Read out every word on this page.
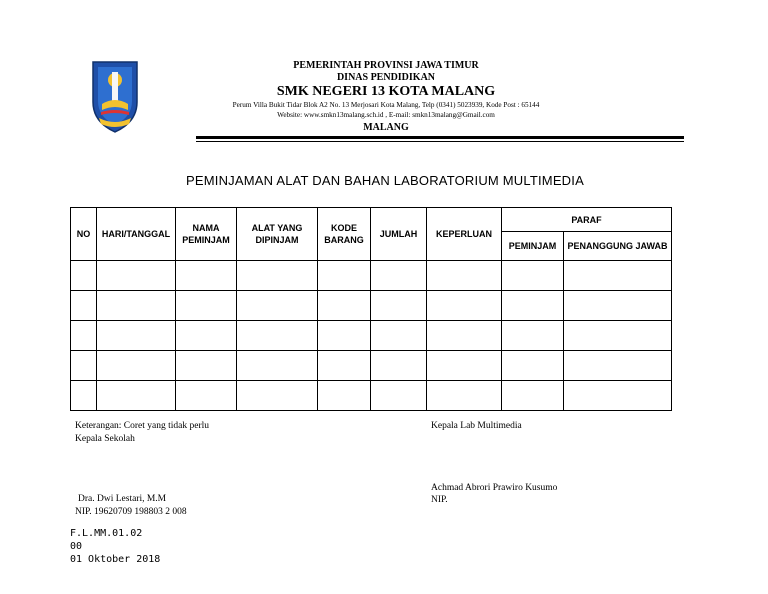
PEMERINTAH PROVINSI JAWA TIMUR
DINAS PENDIDIKAN
SMK NEGERI 13 KOTA MALANG
Perum Villa Bukit Tidar Blok A2 No. 13 Merjosari Kota Malang, Telp (0341) 5023939, Kode Post : 65144
Website: www.smkn13malang.sch.id , E-mail: smkn13malang@Gmail.com
MALANG
PEMINJAMAN ALAT DAN BAHAN LABORATORIUM MULTIMEDIA
NO	HARI/TANGGAL	NAMA PEMINJAM	ALAT YANG DIPINJAM	KODE BARANG	JUMLAH	KEPERLUAN	PARAF	
							PEMINJAM	PENANGGUNG JAWAB

Keterangan: Coret yang tidak perlu
Kepala Sekolah
Kepala Lab Multimedia
Achmad Abrori Prawiro Kusumo
NIP.
Dra. Dwi Lestari, M.M
NIP. 19620709 198803 2 008
F.L.MM.01.02
00
01 Oktober 2018
